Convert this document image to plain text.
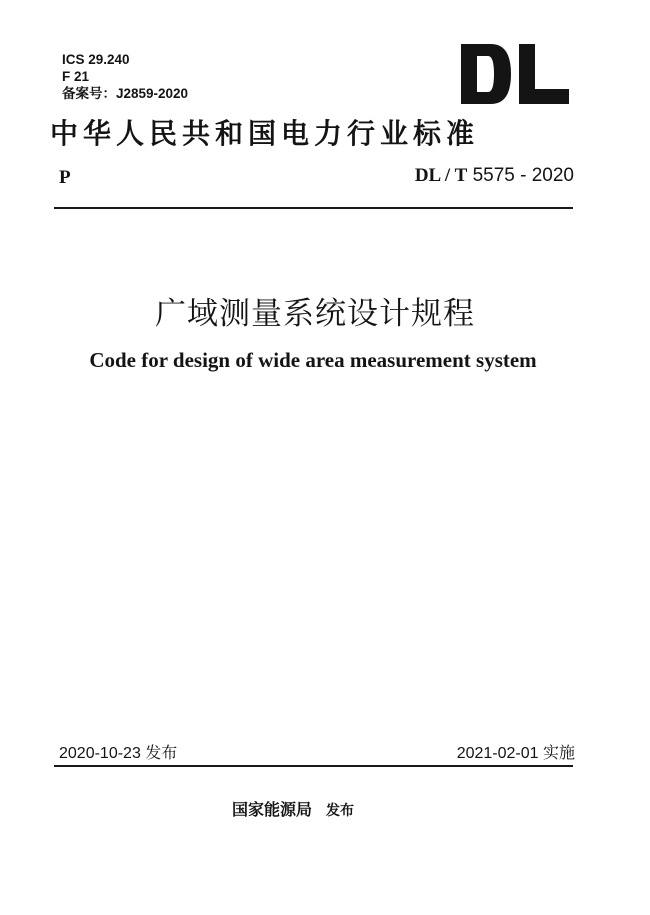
ICS 29.240
F 21
备案号：J2859-2020
中华人民共和国电力行业标准
P	DL / T 5575 - 2020
广域测量系统设计规程
Code for design of wide area measurement system
2020-10-23 发布	2021-02-01 实施
国家能源局 发布
